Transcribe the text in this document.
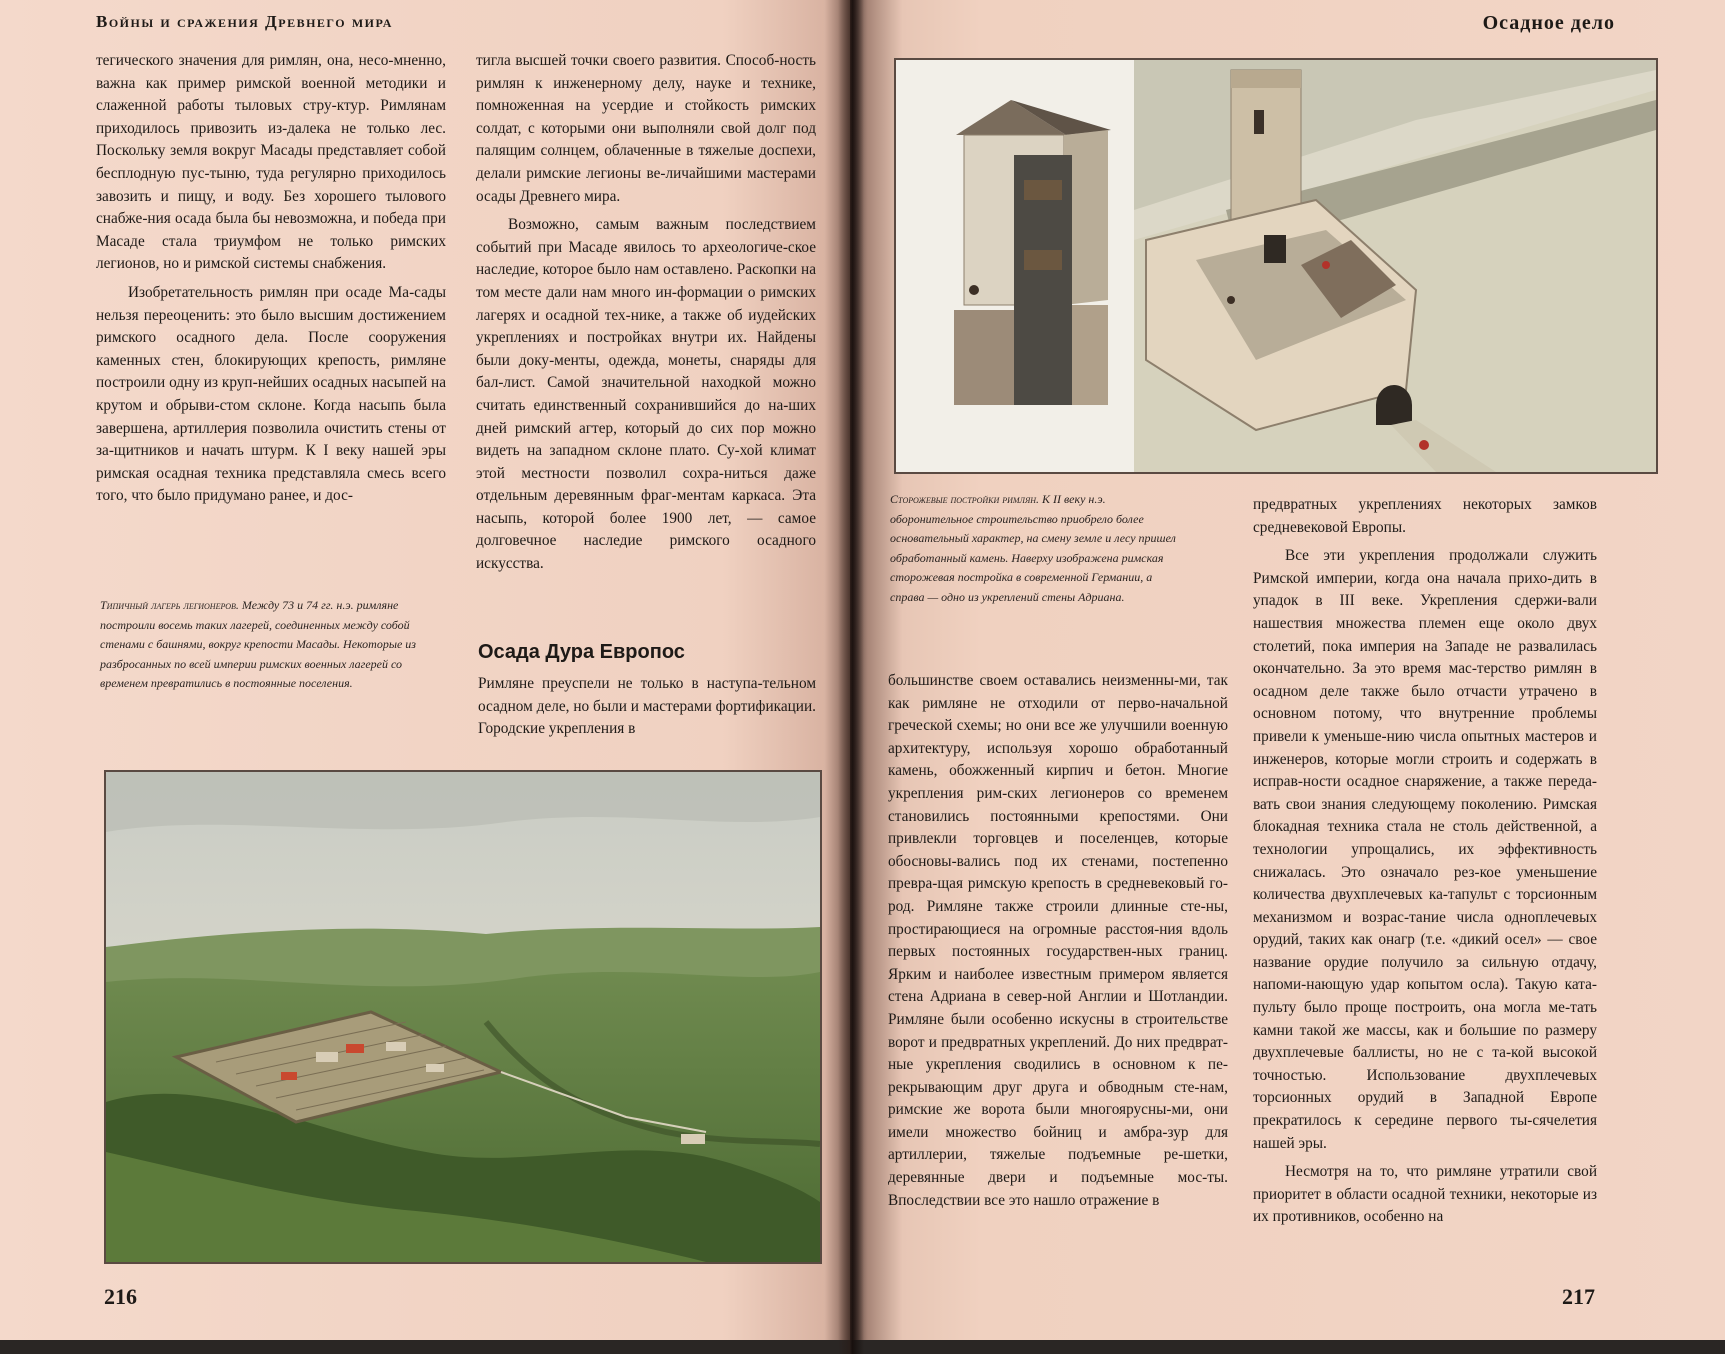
Войны и сражения Древнего мира

тегического значения для римлян, она, несо-мненно, важна как пример римской военной методики и слаженной работы тыловых стру-ктур. Римлянам приходилось привозить из-далека не только лес. Поскольку земля вокруг Масады представляет собой бесплодную пус-тыню, туда регулярно приходилось завозить и пищу, и воду. Без хорошего тылового снабже-ния осада была бы невозможна, и победа при Масаде стала триумфом не только римских легионов, но и римской системы снабжения.

Изобретательность римлян при осаде Ма-сады нельзя переоценить: это было высшим достижением римского осадного дела. После сооружения каменных стен, блокирующих крепость, римляне построили одну из круп-нейших осадных насыпей на крутом и обрыви-стом склоне. Когда насыпь была завершена, артиллерия позволила очистить стены от за-щитников и начать штурм. К I веку нашей эры римская осадная техника представляла смесь всего того, что было придумано ранее, и дос-

тигла высшей точки своего развития. Способ-ность римлян к инженерному делу, науке и технике, помноженная на усердие и стойкость римских солдат, с которыми они выполняли свой долг под палящим солнцем, облаченные в тяжелые доспехи, делали римские легионы ве-личайшими мастерами осады Древнего мира.

Возможно, самым важным последствием событий при Масаде явилось то археологиче-ское наследие, которое было нам оставлено. Раскопки на том месте дали нам много ин-формации о римских лагерях и осадной тех-нике, а также об иудейских укреплениях и постройках внутри их. Найдены были доку-менты, одежда, монеты, снаряды для бал-лист. Самой значительной находкой можно считать единственный сохранившийся до на-ших дней римский агтер, который до сих пор можно видеть на западном склоне плато. Су-хой климат этой местности позволил сохра-ниться даже отдельным деревянным фраг-ментам каркаса. Эта насыпь, которой более 1900 лет, — самое долговечное наследие римского осадного искусства.

Типичный лагерь легионеров. Между 73 и 74 гг. н.э. римляне построили восемь таких лагерей, соединенных между собой стенами с башнями, вокруг крепости Масады. Некоторые из разбросанных по всей империи римских военных лагерей со временем превратились в постоянные поселения.
Осада Дура Европос

Римляне преуспели не только в наступа-тельном осадном деле, но были и мастерами фортификации. Городские укрепления в

216
Осадное дело
Сторожевые постройки римлян. К II веку н.э. оборонительное строительство приобрело более основательный характер, на смену земле и лесу пришел обработанный камень. Наверху изображена римская сторожевая постройка в современной Германии, а справа — одно из укреплений стены Адриана.

большинстве своем оставались неизменны-ми, так как римляне не отходили от перво-начальной греческой схемы; но они все же улучшили военную архитектуру, используя хорошо обработанный камень, обожженный кирпич и бетон. Многие укрепления рим-ских легионеров со временем становились постоянными крепостями. Они привлекли торговцев и поселенцев, которые обосновы-вались под их стенами, постепенно превра-щая римскую крепость в средневековый го-род. Римляне также строили длинные сте-ны, простирающиеся на огромные расстоя-ния вдоль первых постоянных государствен-ных границ. Ярким и наиболее известным примером является стена Адриана в север-ной Англии и Шотландии. Римляне были особенно искусны в строительстве ворот и предвратных укреплений. До них предврат-ные укрепления сводились в основном к пе-рекрывающим друг друга и обводным сте-нам, римские же ворота были многоярусны-ми, они имели множество бойниц и амбра-зур для артиллерии, тяжелые подъемные ре-шетки, деревянные двери и подъемные мос-ты. Впоследствии все это нашло отражение в

предвратных укреплениях некоторых замков средневековой Европы.

Все эти укрепления продолжали служить Римской империи, когда она начала прихо-дить в упадок в III веке. Укрепления сдержи-вали нашествия множества племен еще около двух столетий, пока империя на Западе не развалилась окончательно. За это время мас-терство римлян в осадном деле также было отчасти утрачено в основном потому, что внутренние проблемы привели к уменьше-нию числа опытных мастеров и инженеров, которые могли строить и содержать в исправ-ности осадное снаряжение, а также переда-вать свои знания следующему поколению. Римская блокадная техника стала не столь действенной, а технологии упрощались, их эффективность снижалась. Это означало рез-кое уменьшение количества двухплечевых ка-тапульт с торсионным механизмом и возрас-тание числа одноплечевых орудий, таких как онагр (т.е. «дикий осел» — свое название орудие получило за сильную отдачу, напоми-нающую удар копытом осла). Такую ката-пульту было проще построить, она могла ме-тать камни такой же массы, как и большие по размеру двухплечевые баллисты, но не с та-кой высокой точностью. Использование двухплечевых торсионных орудий в Западной Европе прекратилось к середине первого ты-сячелетия нашей эры.

Несмотря на то, что римляне утратили свой приоритет в области осадной техники, некоторые из их противников, особенно на

217
